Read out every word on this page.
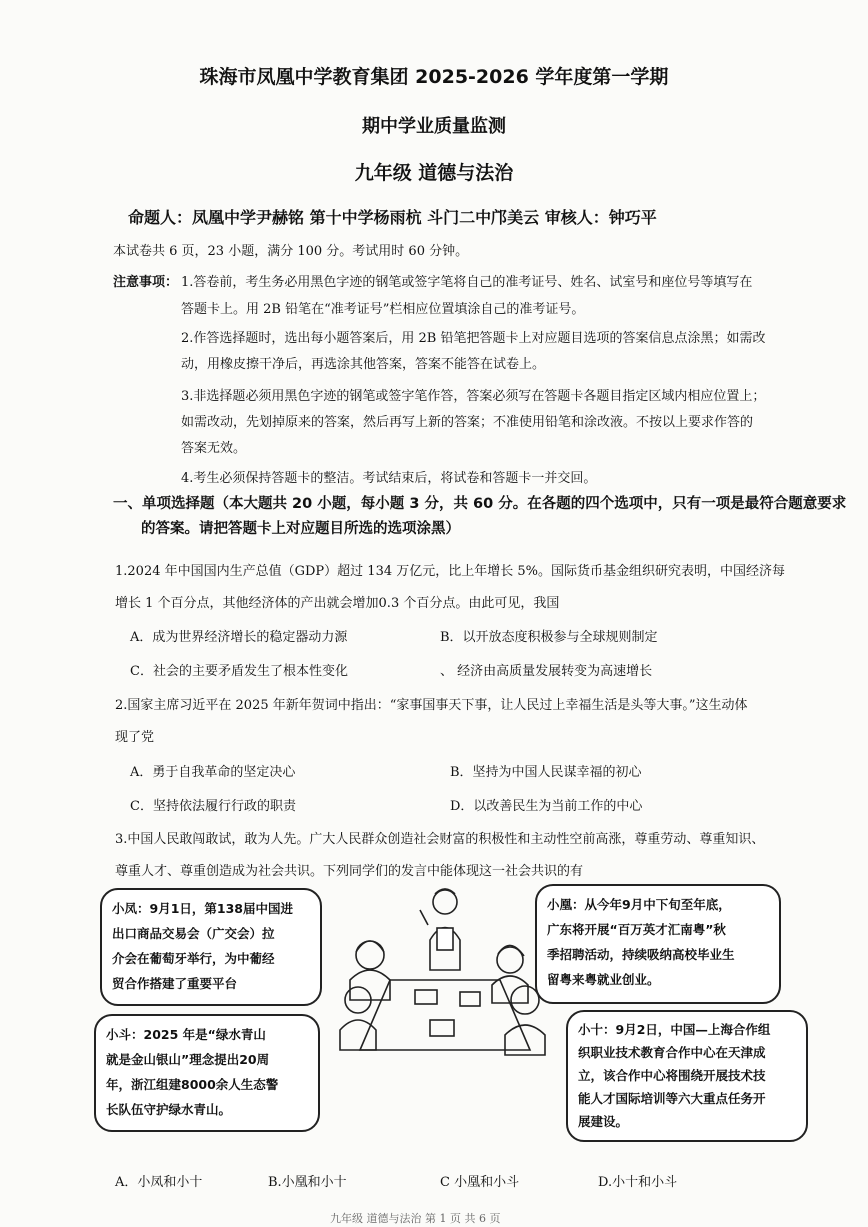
珠海市凤凰中学教育集团 2025-2026 学年度第一学期
期中学业质量监测
九年级 道德与法治
命题人：凤凰中学尹赫铭 第十中学杨雨杭 斗门二中邝美云 审核人：钟巧平
本试卷共 6 页，23 小题，满分 100 分。考试用时 60 分钟。
注意事项： 1.答卷前，考生务必用黑色字迹的钢笔或签字笔将自己的准考证号、姓名、试室号和座位号等填写在
答题卡上。用 2B 铅笔在“准考证号”栏相应位置填涂自己的准考证号。
2.作答选择题时，选出每小题答案后，用 2B 铅笔把答题卡上对应题目选项的答案信息点涂黑；如需改
动，用橡皮擦干净后，再选涂其他答案，答案不能答在试卷上。
3.非选择题必须用黑色字迹的钢笔或签字笔作答，答案必须写在答题卡各题目指定区域内相应位置上；
如需改动，先划掉原来的答案，然后再写上新的答案；不准使用铅笔和涂改液。不按以上要求作答的
答案无效。
4.考生必须保持答题卡的整洁。考试结束后，将试卷和答题卡一并交回。
一、单项选择题（本大题共 20 小题，每小题 3 分，共 60 分。在各题的四个选项中，只有一项是最符合题意要求
的答案。请把答题卡上对应题目所选的选项涂黑）
1.2024 年中国国内生产总值（GDP）超过 134 万亿元，比上年增长 5%。国际货币基金组织研究表明，中国经济每
增长 1 个百分点，其他经济体的产出就会增加0.3 个百分点。由此可见，我国
A．成为世界经济增长的稳定器动力源	B．以开放态度积极参与全球规则制定
C．社会的主要矛盾发生了根本性变化	、 经济由高质量发展转变为高速增长
2.国家主席习近平在 2025 年新年贺词中指出：“家事国事天下事，让人民过上幸福生活是头等大事。”这生动体
现了党
A．勇于自我革命的坚定决心	B．坚持为中国人民谋幸福的初心
C．坚持依法履行行政的职责	D．以改善民生为当前工作的中心
3.中国人民敢闯敢试，敢为人先。广大人民群众创造社会财富的积极性和主动性空前高涨，尊重劳动、尊重知识、
尊重人才、尊重创造成为社会共识。下列同学们的发言中能体现这一社会共识的有
小凤：9月1日，第138届中国进
出口商品交易会（广交会）拉
介会在葡萄牙举行，为中葡经
贸合作搭建了重要平台
小凰：从今年9月中下旬至年底，
广东将开展“百万英才汇南粤”秋
季招聘活动，持续吸纳高校毕业生
留粤来粤就业创业。
小斗：2025 年是“绿水青山
就是金山银山”理念提出20周
年，浙江组建8000余人生态警
长队伍守护绿水青山。
小十：9月2日，中国—上海合作组
织职业技术教育合作中心在天津成
立，该合作中心将围绕开展技术技
能人才国际培训等六大重点任务开
展建设。
A．小凤和小十	B.小凰和小十	C 小凰和小斗	D.小十和小斗
九年级 道德与法治 第 1 页 共 6 页
